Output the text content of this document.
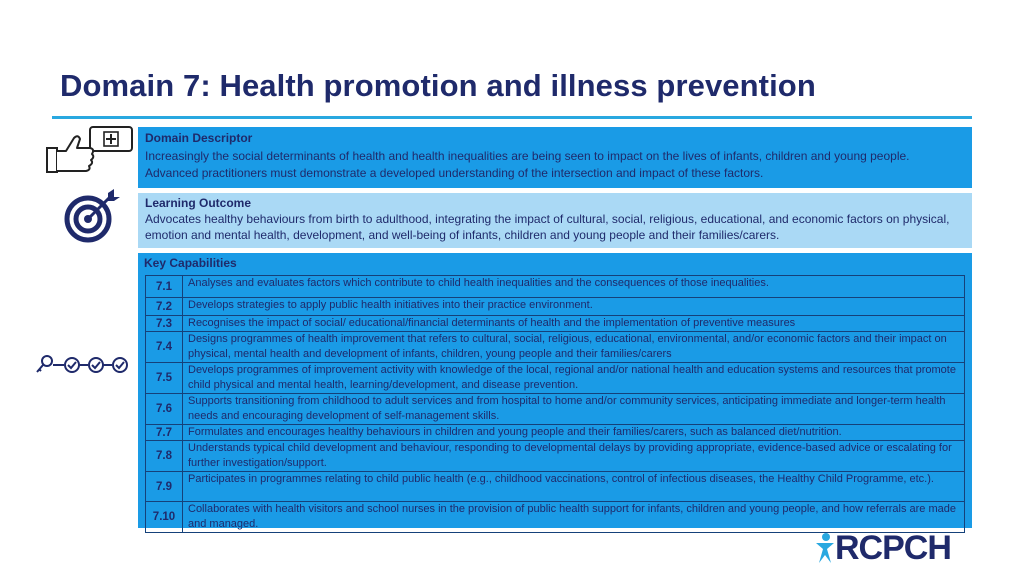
Domain 7: Health promotion and illness prevention
Domain Descriptor
Increasingly the social determinants of health and health inequalities are being seen to impact on the lives of infants, children and young people.
Advanced practitioners must demonstrate a developed understanding of the intersection and impact of these factors.
Learning Outcome
Advocates healthy behaviours from birth to adulthood, integrating the impact of cultural, social, religious, educational, and economic factors on physical, emotion and mental health, development, and well-being of infants, children and young people and their families/carers.
Key Capabilities
7.1	Analyses and evaluates factors which contribute to child health inequalities and the consequences of those inequalities.
7.2	Develops strategies to apply public health initiatives into their practice environment.
7.3	Recognises the impact of social/ educational/financial determinants of health and the implementation of preventive measures
7.4	Designs programmes of health improvement that refers to cultural, social, religious, educational, environmental, and/or economic factors and their impact on physical, mental health and development of infants, children, young people and their families/carers
7.5	Develops programmes of improvement activity with knowledge of the local, regional and/or national health and education systems and resources that promote child physical and mental health, learning/development, and disease prevention.
7.6	Supports transitioning from childhood to adult services and from hospital to home and/or community services, anticipating immediate and longer-term health needs and encouraging development of self-management skills.
7.7	Formulates and encourages healthy behaviours in children and young people and their families/carers, such as balanced diet/nutrition.
7.8	Understands typical child development and behaviour, responding to developmental delays by providing appropriate, evidence-based advice or escalating for further investigation/support.
7.9	Participates in programmes relating to child public health (e.g., childhood vaccinations, control of infectious diseases, the Healthy Child Programme, etc.).
7.10	Collaborates with health visitors and school nurses in the provision of public health support for infants, children and young people, and how referrals are made and managed.
RCPCH
